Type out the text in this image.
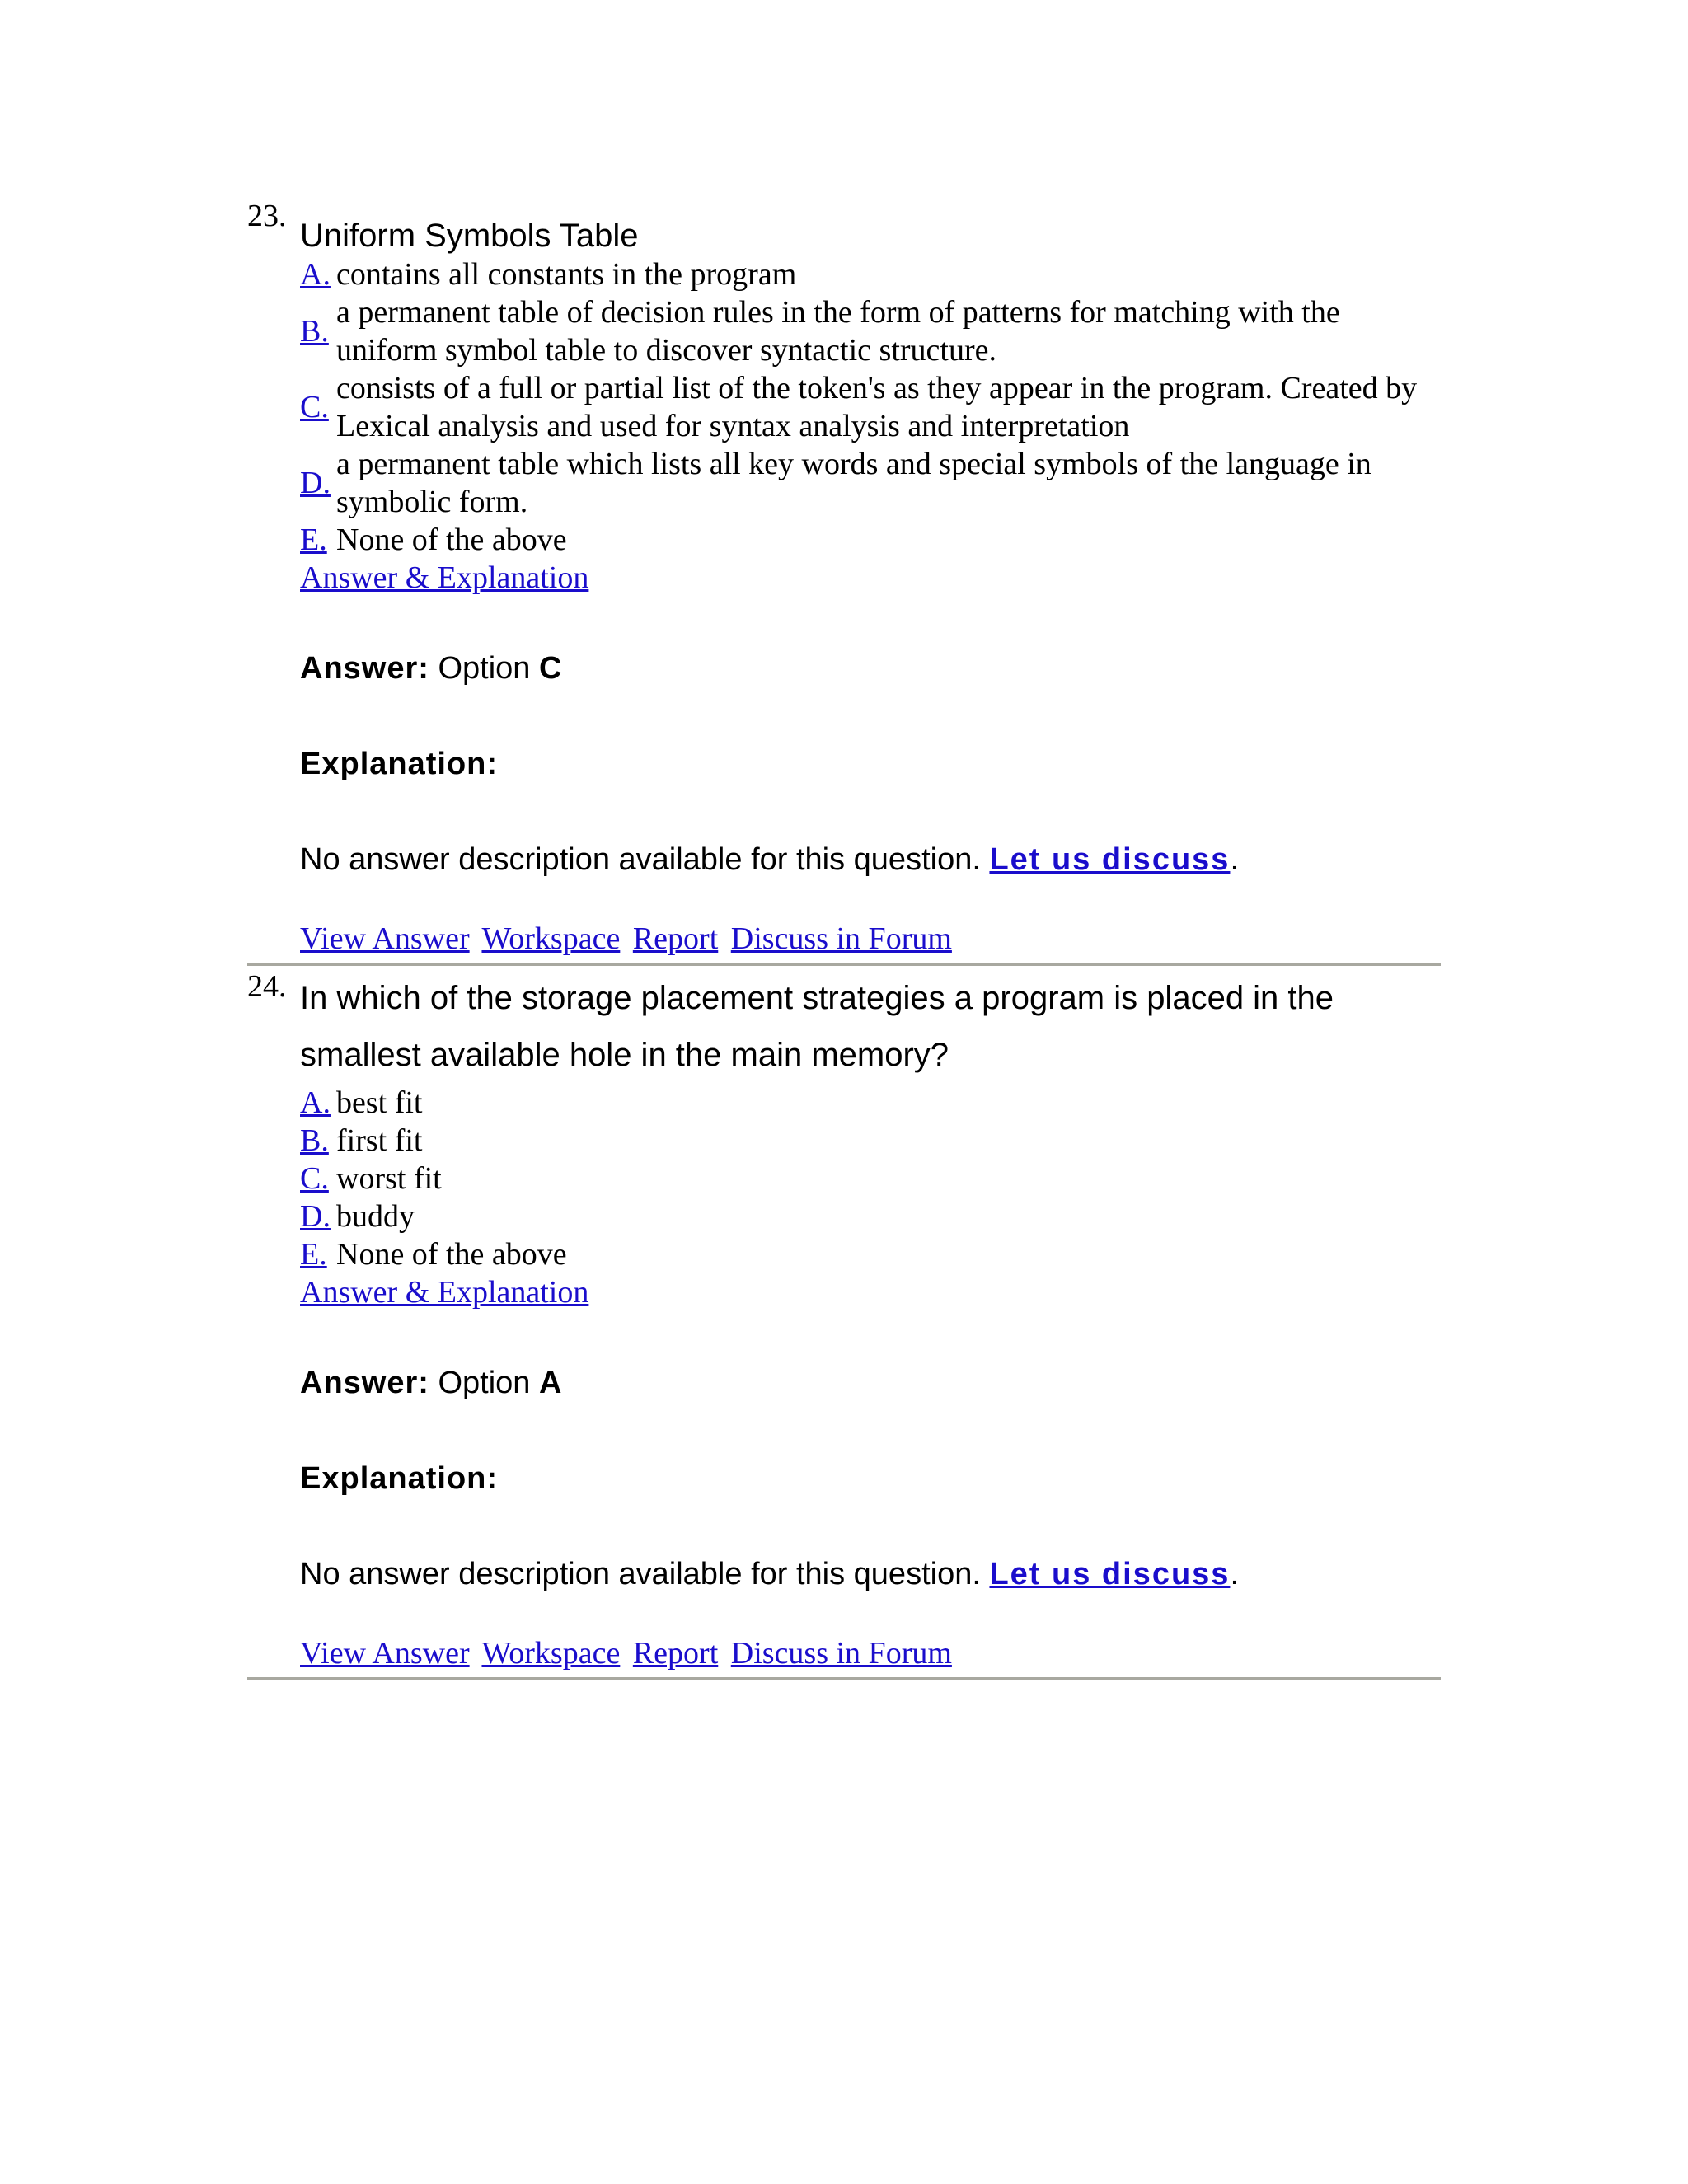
23.
Uniform Symbols Table
A. contains all constants in the program
B.
a permanent table of decision rules in the form of patterns for matching with the uniform symbol table to discover syntactic structure.
C.
consists of a full or partial list of the token's as they appear in the program. Created by Lexical analysis and used for syntax analysis and interpretation
D.
a permanent table which lists all key words and special symbols of the language in symbolic form.
E. None of the above
Answer & Explanation
Answer: Option C
Explanation:
No answer description available for this question. Let us discuss.
View Answer Workspace Report Discuss in Forum
24. In which of the storage placement strategies a program is placed in the smallest available hole in the main memory?
A. best fit
B. first fit
C. worst fit
D. buddy
E. None of the above
Answer & Explanation
Answer: Option A
Explanation:
No answer description available for this question. Let us discuss.
View Answer Workspace Report Discuss in Forum
